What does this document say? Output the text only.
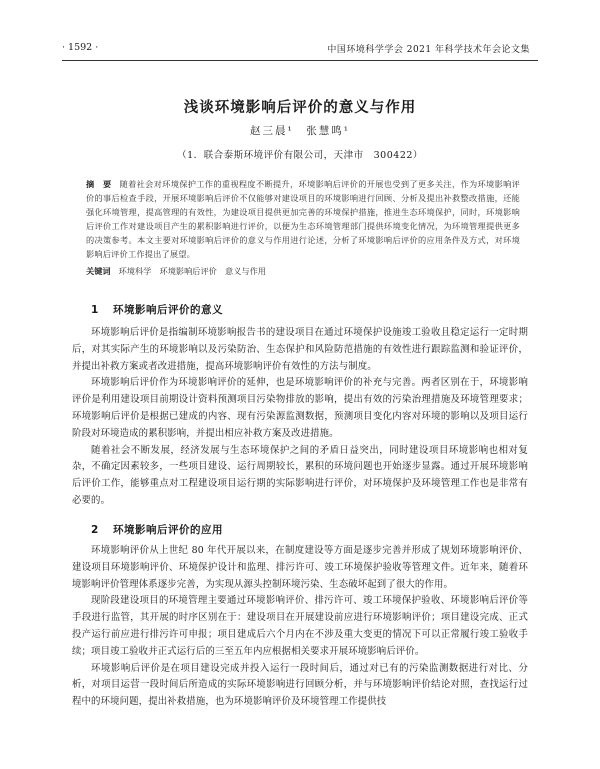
· 1592 ·	中国环境科学学会 2021 年科学技术年会论文集
浅谈环境影响后评价的意义与作用
赵三晨¹　张慧鸣¹
（1．联合泰斯环境评价有限公司，天津市　300422）
摘　要 随着社会对环境保护工作的重视程度不断提升，环境影响后评价的开展也受到了更多关注，作为环境影响评价的事后检查手段，开展环境影响后评价不仅能够对建设项目的环境影响进行回顾、分析及提出补救整改措施，还能强化环境管理，提高管理的有效性，为建设项目提供更加完善的环境保护措施，推进生态环境保护，同时，环境影响后评价工作对建设项目产生的累积影响进行评价，以便为生态环境管理部门提供环境变化情况，为环境管理提供更多的决策参考。本文主要对环境影响后评价的意义与作用进行论述，分析了环境影响后评价的应用条件及方式，对环境影响后评价工作提出了展望。
关键词 环境科学　环境影响后评价　意义与作用
1 环境影响后评价的意义
2 环境影响后评价的应用

环境影响后评价是指编制环境影响报告书的建设项目在通过环境保护设施竣工验收且稳定运行一定时期后，对其实际产生的环境影响以及污染防治、生态保护和风险防范措施的有效性进行跟踪监测和验证评价，并提出补救方案或者改进措施，提高环境影响评价有效性的方法与制度。

环境影响后评价作为环境影响评价的延伸，也是环境影响评价的补充与完善。两者区别在于，环境影响评价是利用建设项目前期设计资料预测项目污染物排放的影响，提出有效的污染治理措施及环境管理要求；环境影响后评价是根据已建成的内容、现有污染源监测数据，预测项目变化内容对环境的影响以及项目运行阶段对环境造成的累积影响，并提出相应补救方案及改进措施。

随着社会不断发展，经济发展与生态环境保护之间的矛盾日益突出，同时建设项目环境影响也相对复杂，不确定因素较多，一些项目建设、运行周期较长，累积的环境问题也开始逐步显露。通过开展环境影响后评价工作，能够重点对工程建设项目运行期的实际影响进行评价，对环境保护及环境管理工作也是非常有必要的。

环境影响评价从上世纪 80 年代开展以来，在制度建设等方面是逐步完善并形成了规划环境影响评价、建设项目环境影响评价、环境保护设计和监理、排污许可、竣工环境保护验收等管理文件。近年来，随着环境影响评价管理体系逐步完善，为实现从源头控制环境污染、生态破坏起到了很大的作用。

现阶段建设项目的环境管理主要通过环境影响评价、排污许可、竣工环境保护验收、环境影响后评价等手段进行监管，其开展的时序区别在于：建设项目在开展建设前应进行环境影响评价；项目建设完成、正式投产运行前应进行排污许可申报；项目建成后六个月内在不涉及重大变更的情况下可以正常履行竣工验收手续；项目竣工验收并正式运行后的三至五年内应根据相关要求开展环境影响后评价。

环境影响后评价是在项目建设完成并投入运行一段时间后，通过对已有的污染监测数据进行对比、分析，对项目运营一段时间后所造成的实际环境影响进行回顾分析，并与环境影响评价结论对照，查找运行过程中的环境问题，提出补救措施，也为环境影响评价及环境管理工作提供技
